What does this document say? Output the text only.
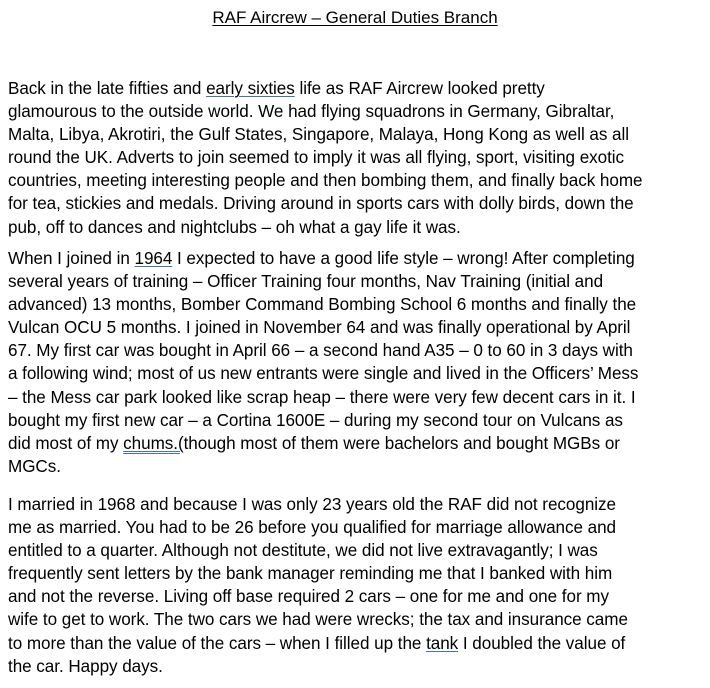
RAF Aircrew – General Duties Branch

Back in the late fifties and early sixties life as RAF Aircrew looked pretty
glamourous to the outside world. We had flying squadrons in Germany, Gibraltar,
Malta, Libya, Akrotiri, the Gulf States, Singapore, Malaya, Hong Kong as well as all
round the UK. Adverts to join seemed to imply it was all flying, sport, visiting exotic
countries, meeting interesting people and then bombing them, and finally back home
for tea, stickies and medals. Driving around in sports cars with dolly birds, down the
pub, off to dances and nightclubs – oh what a gay life it was.

When I joined in 1964 I expected to have a good life style – wrong! After completing
several years of training – Officer Training four months, Nav Training (initial and
advanced) 13 months, Bomber Command Bombing School 6 months and finally the
Vulcan OCU 5 months. I joined in November 64 and was finally operational by April
67. My first car was bought in April 66 – a second hand A35 – 0 to 60 in 3 days with
a following wind; most of us new entrants were single and lived in the Officers’ Mess
– the Mess car park looked like scrap heap – there were very few decent cars in it. I
bought my first new car – a Cortina 1600E – during my second tour on Vulcans as
did most of my chums.(though most of them were bachelors and bought MGBs or
MGCs.

I married in 1968 and because I was only 23 years old the RAF did not recognize
me as married. You had to be 26 before you qualified for marriage allowance and
entitled to a quarter. Although not destitute, we did not live extravagantly; I was
frequently sent letters by the bank manager reminding me that I banked with him
and not the reverse. Living off base required 2 cars – one for me and one for my
wife to get to work. The two cars we had were wrecks; the tax and insurance came
to more than the value of the cars – when I filled up the tank I doubled the value of
the car. Happy days.
